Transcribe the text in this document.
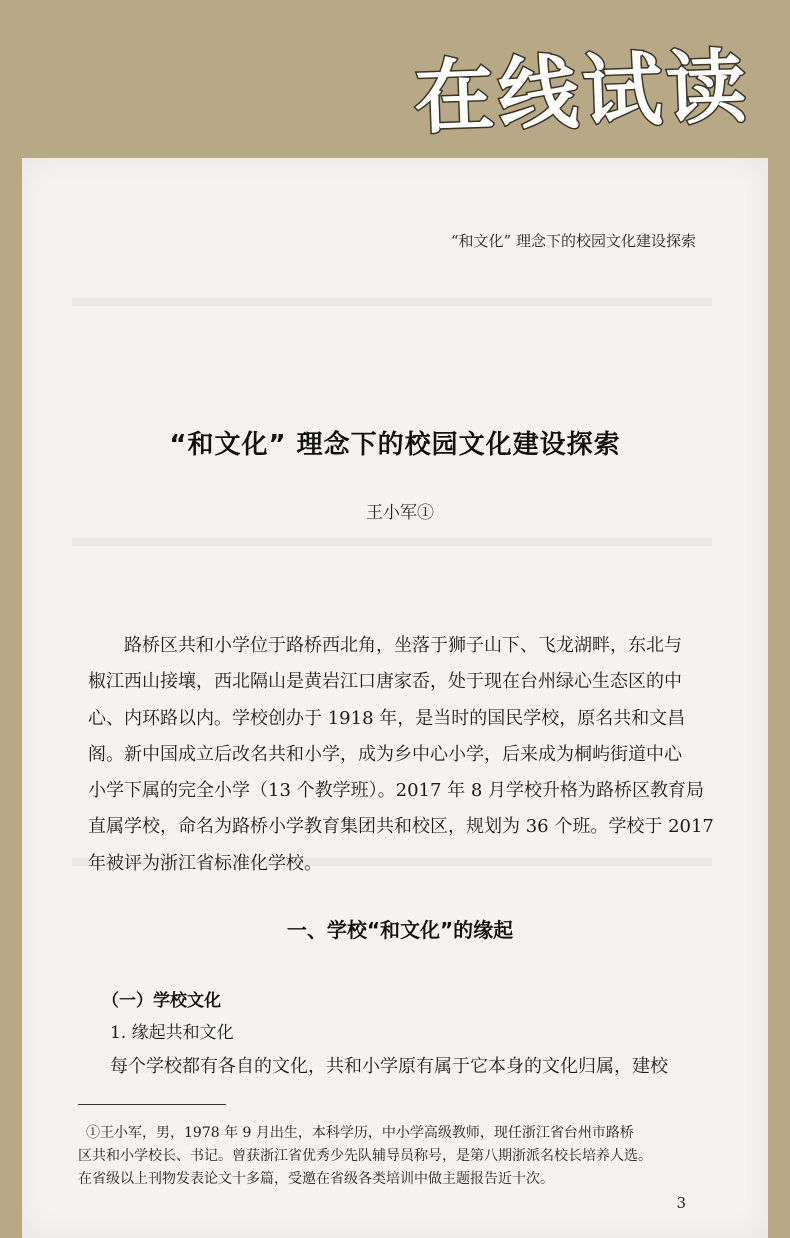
在线试读
“和文化” 理念下的校园文化建设探索
“和文化” 理念下的校园文化建设探索
王小军①
路桥区共和小学位于路桥西北角，坐落于狮子山下、飞龙湖畔，东北与
椒江西山接壤，西北隔山是黄岩江口唐家岙，处于现在台州绿心生态区的中
心、内环路以内。学校创办于 1918 年，是当时的国民学校，原名共和文昌
阁。新中国成立后改名共和小学，成为乡中心小学，后来成为桐屿街道中心
小学下属的完全小学（13 个教学班）。2017 年 8 月学校升格为路桥区教育局
直属学校，命名为路桥小学教育集团共和校区，规划为 36 个班。学校于 2017
年被评为浙江省标准化学校。
一、学校“和文化”的缘起
（一）学校文化
1. 缘起共和文化
每个学校都有各自的文化，共和小学原有属于它本身的文化归属，建校
①王小军，男，1978 年 9 月出生，本科学历，中小学高级教师，现任浙江省台州市路桥
区共和小学校长、书记。曾获浙江省优秀少先队辅导员称号，是第八期浙派名校长培养人选。
在省级以上刊物发表论文十多篇，受邀在省级各类培训中做主题报告近十次。
3
